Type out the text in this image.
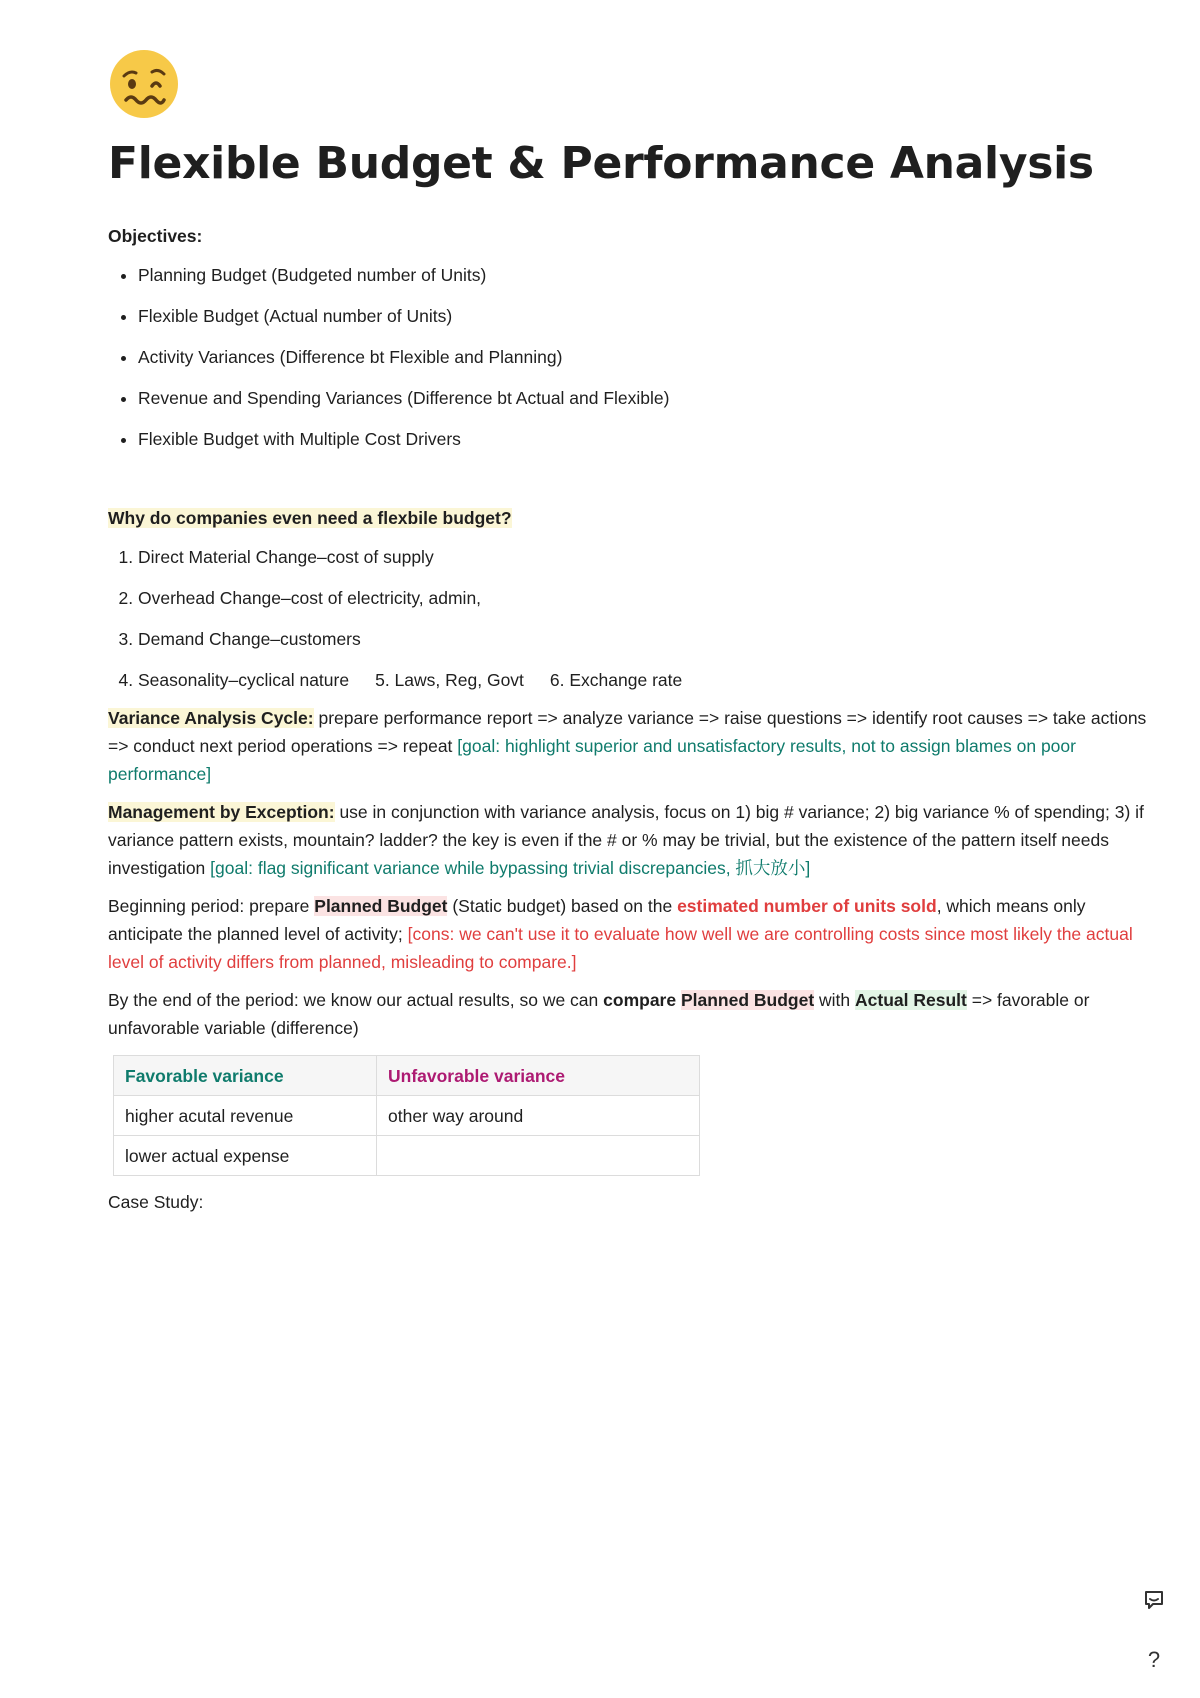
Flexible Budget & Performance Analysis

Objectives:

• Planning Budget (Budgeted number of Units)
• Flexible Budget (Actual number of Units)
• Activity Variances (Difference bt Flexible and Planning)
• Revenue and Spending Variances (Difference bt Actual and Flexible)
• Flexible Budget with Multiple Cost Drivers

Why do companies even need a flexbile budget?

1. Direct Material Change–cost of supply
2. Overhead Change–cost of electricity, admin,
3. Demand Change–customers
4. Seasonality–cyclical nature 5. Laws, Reg, Govt 6. Exchange rate

Variance Analysis Cycle: prepare performance report => analyze variance => raise questions => identify root causes => take actions => conduct next period operations => repeat [goal: highlight superior and unsatisfactory results, not to assign blames on poor performance]

Management by Exception: use in conjunction with variance analysis, focus on 1) big # variance; 2) big variance % of spending; 3) if variance pattern exists, mountain? ladder? the key is even if the # or % may be trivial, but the existence of the pattern itself needs investigation [goal: flag significant variance while bypassing trivial discrepancies, 抓大放小]

Beginning period: prepare Planned Budget (Static budget) based on the estimated number of units sold, which means only anticipate the planned level of activity; [cons: we can't use it to evaluate how well we are controlling costs since most likely the actual level of activity differs from planned, misleading to compare.]

By the end of the period: we know our actual results, so we can compare Planned Budget with Actual Result => favorable or unfavorable variable (difference)

Favorable variance	Unfavorable variance
higher acutal revenue	other way around
lower actual expense	

Case Study:

?
